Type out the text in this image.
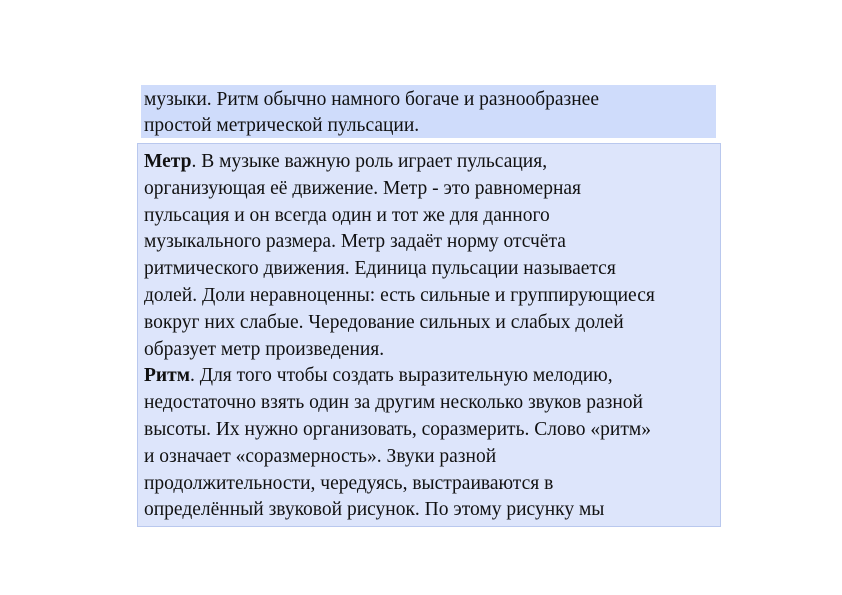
музыки. Ритм обычно намного богаче и разнообразнее
простой метрической пульсации.
Метр. В музыке важную роль играет пульсация,
организующая её движение. Метр - это равномерная
пульсация и он всегда один и тот же для данного
музыкального размера. Метр задаёт норму отсчёта
ритмического движения. Единица пульсации называется
долей. Доли неравноценны: есть сильные и группирующиеся
вокруг них слабые. Чередование сильных и слабых долей
образует метр произведения.
Ритм. Для того чтобы создать выразительную мелодию,
недостаточно взять один за другим несколько звуков разной
высоты. Их нужно организовать, соразмерить. Слово «ритм»
и означает «соразмерность». Звуки разной
продолжительности, чередуясь, выстраиваются в
определённый звуковой рисунок. По этому рисунку мы
